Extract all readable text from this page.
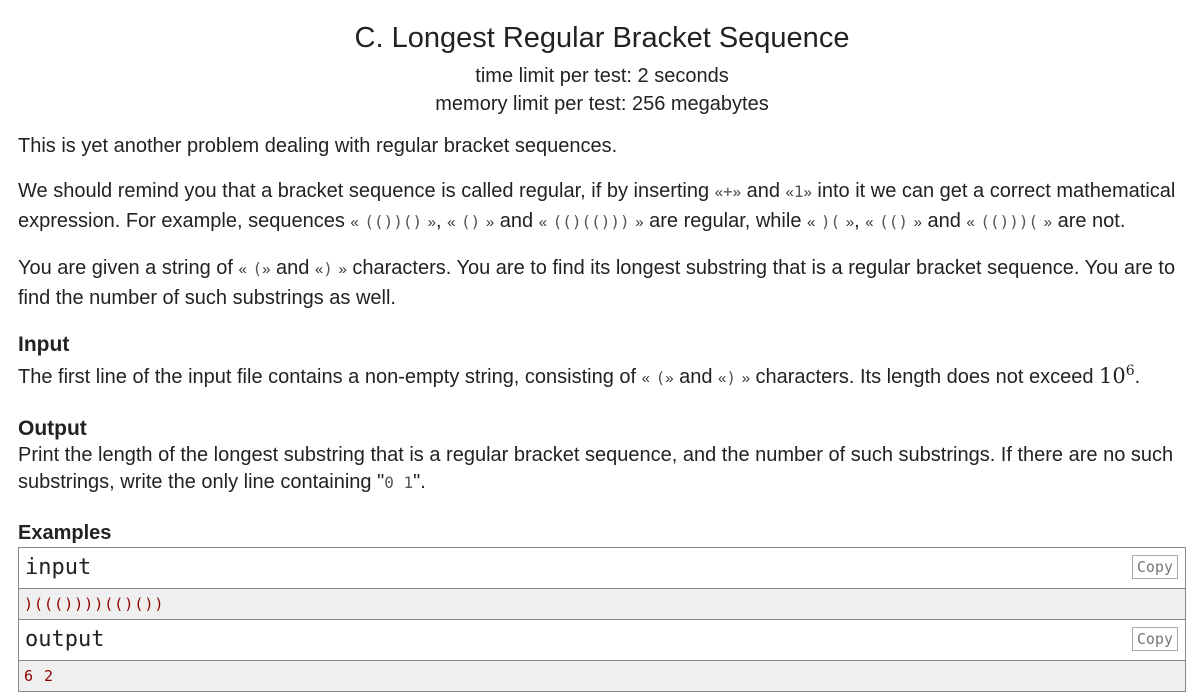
C. Longest Regular Bracket Sequence
time limit per test: 2 seconds
memory limit per test: 256 megabytes

This is yet another problem dealing with regular bracket sequences.

We should remind you that a bracket sequence is called regular, if by inserting «+» and «1» into it we can get a correct mathematical expression. For example, sequences « (())() », « () » and « (()(())) » are regular, while « )( », « (() » and « (()))( » are not.

You are given a string of « (» and «) » characters. You are to find its longest substring that is a regular bracket sequence. You are to find the number of such substrings as well.

Input
The first line of the input file contains a non-empty string, consisting of « (» and «) » characters. Its length does not exceed $10^6$.
Output
Print the length of the longest substring that is a regular bracket sequence, and the number of such substrings. If there are no such substrings, write the only line containing "0 1".
Examples
input	Copy
)((())))(()())
output	Copy
6 2
